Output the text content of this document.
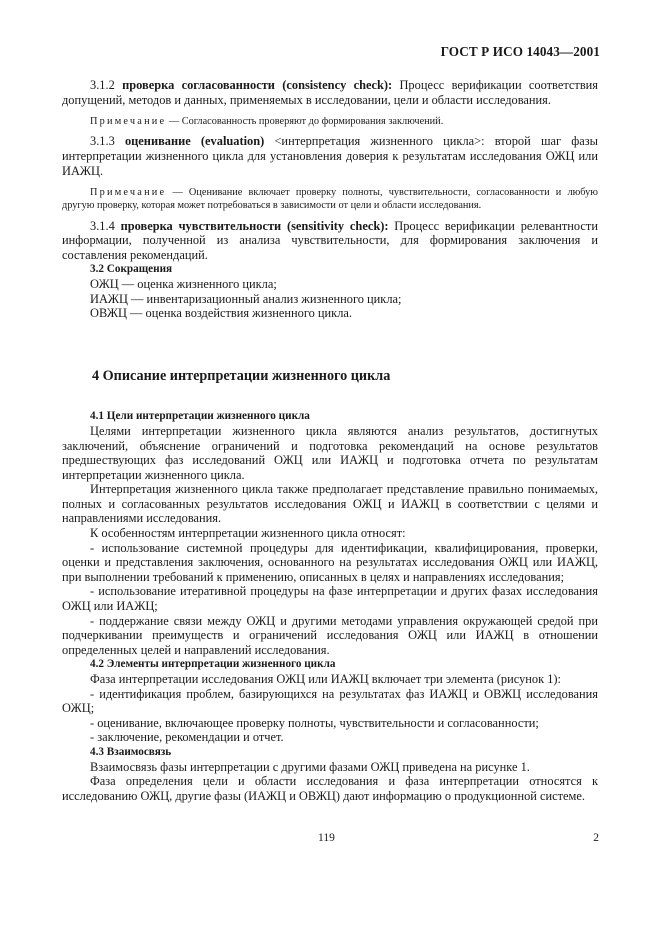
ГОСТ Р ИСО 14043—2001

3.1.2 проверка согласованности (consistency check): Процесс верификации соответствия допущений, методов и данных, применяемых в исследовании, цели и области исследования.

Примечание — Согласованность проверяют до формирования заключений.

3.1.3 оценивание (evaluation) <интерпретация жизненного цикла>: второй шаг фазы интерпретации жизненного цикла для установления доверия к результатам исследования ОЖЦ или ИАЖЦ.

Примечание — Оценивание включает проверку полноты, чувствительности, согласованности и любую другую проверку, которая может потребоваться в зависимости от цели и области исследования.

3.1.4 проверка чувствительности (sensitivity check): Процесс верификации релевантности информации, полученной из анализа чувствительности, для формирования заключения и составления рекомендаций.

3.2 Сокращения

ОЖЦ — оценка жизненного цикла;

ИАЖЦ — инвентаризационный анализ жизненного цикла;

ОВЖЦ — оценка воздействия жизненного цикла.

4 Описание интерпретации жизненного цикла

4.1 Цели интерпретации жизненного цикла

Целями интерпретации жизненного цикла являются анализ результатов, достигнутых заключений, объяснение ограничений и подготовка рекомендаций на основе результатов предшествующих фаз исследований ОЖЦ или ИАЖЦ и подготовка отчета по результатам интерпретации жизненного цикла.

Интерпретация жизненного цикла также предполагает представление правильно понимаемых, полных и согласованных результатов исследования ОЖЦ и ИАЖЦ в соответствии с целями и направлениями исследования.

К особенностям интерпретации жизненного цикла относят:

- использование системной процедуры для идентификации, квалифицирования, проверки, оценки и представления заключения, основанного на результатах исследования ОЖЦ или ИАЖЦ, при выполнении требований к применению, описанных в целях и направлениях исследования;

- использование итеративной процедуры на фазе интерпретации и других фазах исследования ОЖЦ или ИАЖЦ;

- поддержание связи между ОЖЦ и другими методами управления окружающей средой при подчеркивании преимуществ и ограничений исследования ОЖЦ или ИАЖЦ в отношении определенных целей и направлений исследования.

4.2 Элементы интерпретации жизненного цикла

Фаза интерпретации исследования ОЖЦ или ИАЖЦ включает три элемента (рисунок 1):

- идентификация проблем, базирующихся на результатах фаз ИАЖЦ и ОВЖЦ исследования ОЖЦ;

- оценивание, включающее проверку полноты, чувствительности и согласованности;

- заключение, рекомендации и отчет.

4.3 Взаимосвязь

Взаимосвязь фазы интерпретации с другими фазами ОЖЦ приведена на рисунке 1.

Фаза определения цели и области исследования и фаза интерпретации относятся к исследованию ОЖЦ, другие фазы (ИАЖЦ и ОВЖЦ) дают информацию о продукционной системе.

119	2
